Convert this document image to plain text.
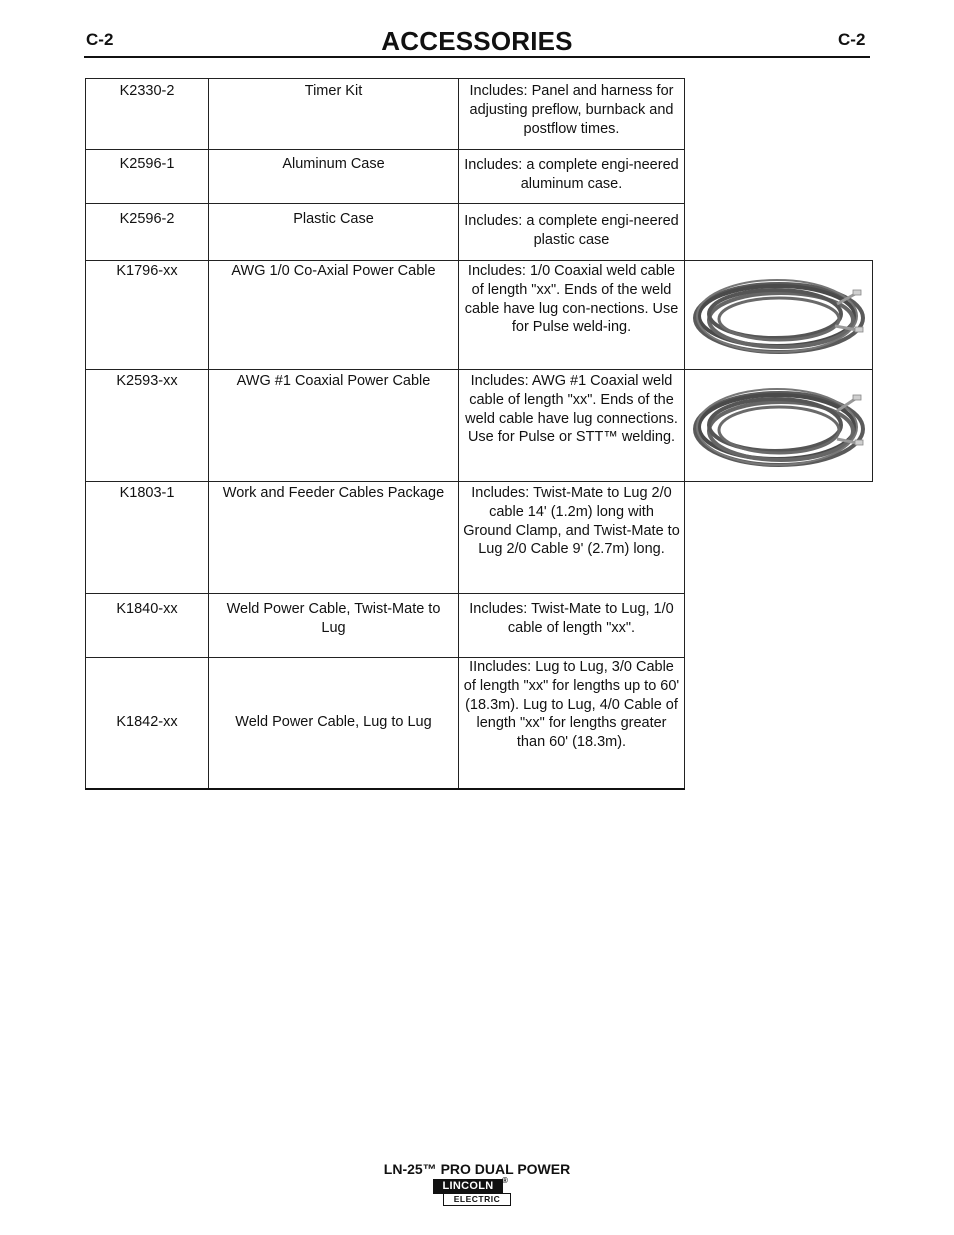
C-2	ACCESSORIES	C-2
K2330-2	Timer Kit	Includes: Panel and harness for adjusting preflow, burnback and postflow times.	
K2596-1	Aluminum Case	Includes: a complete engi-neered aluminum case.	
K2596-2	Plastic Case	Includes: a complete engi-neered plastic case	
K1796-xx	AWG 1/0 Co-Axial Power Cable	Includes: 1/0 Coaxial weld cable of length "xx". Ends of the weld cable have lug con-nections. Use for Pulse weld-ing.	

K2593-xx	AWG #1 Coaxial Power Cable	Includes: AWG #1 Coaxial weld cable of length "xx". Ends of the weld cable have lug connections. Use for Pulse or STT™ welding.	

K1803-1	Work and Feeder Cables Package	Includes: Twist-Mate to Lug 2/0 cable 14' (1.2m) long with Ground Clamp, and Twist-Mate to Lug 2/0 Cable 9' (2.7m) long.	
K1840-xx	Weld Power Cable, Twist-Mate to Lug	Includes: Twist-Mate to Lug, 1/0 cable of length "xx".	
K1842-xx	Weld Power Cable, Lug to Lug	IIncludes: Lug to Lug, 3/0 Cable of length "xx" for lengths up to 60' (18.3m). Lug to Lug, 4/0 Cable of length "xx" for lengths greater than 60' (18.3m).	
LN-25™ PRO DUAL POWER
LINCOLN	®
ELECTRIC
